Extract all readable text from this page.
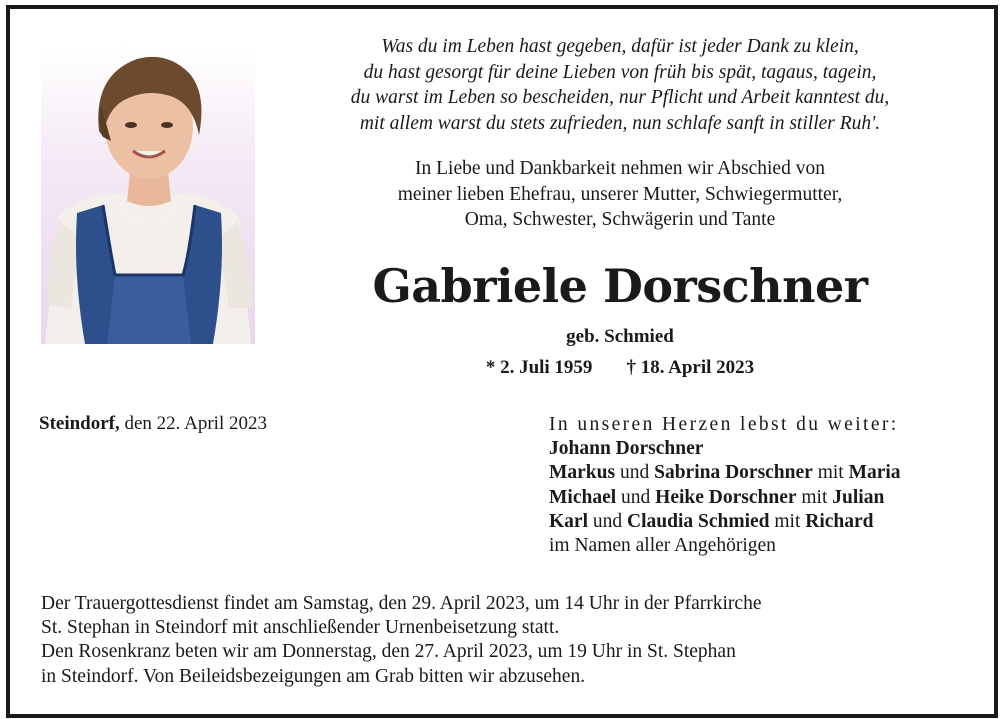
Was du im Leben hast gegeben, dafür ist jeder Dank zu klein,
du hast gesorgt für deine Lieben von früh bis spät, tagaus, tagein,
du warst im Leben so bescheiden, nur Pflicht und Arbeit kanntest du,
mit allem warst du stets zufrieden, nun schlafe sanft in stiller Ruh'.
In Liebe und Dankbarkeit nehmen wir Abschied von
meiner lieben Ehefrau, unserer Mutter, Schwiegermutter,
Oma, Schwester, Schwägerin und Tante
Gabriele Dorschner
geb. Schmied
* 2. Juli 1959 † 18. April 2023
Steindorf, den 22. April 2023	In unseren Herzen lebst du weiter:
Johann Dorschner
Markus und Sabrina Dorschner mit Maria
Michael und Heike Dorschner mit Julian
Karl und Claudia Schmied mit Richard
im Namen aller Angehörigen
Der Trauergottesdienst findet am Samstag, den 29. April 2023, um 14 Uhr in der Pfarrkirche
St. Stephan in Steindorf mit anschließender Urnenbeisetzung statt.
Den Rosenkranz beten wir am Donnerstag, den 27. April 2023, um 19 Uhr in St. Stephan
in Steindorf. Von Beileidsbezeigungen am Grab bitten wir abzusehen.
